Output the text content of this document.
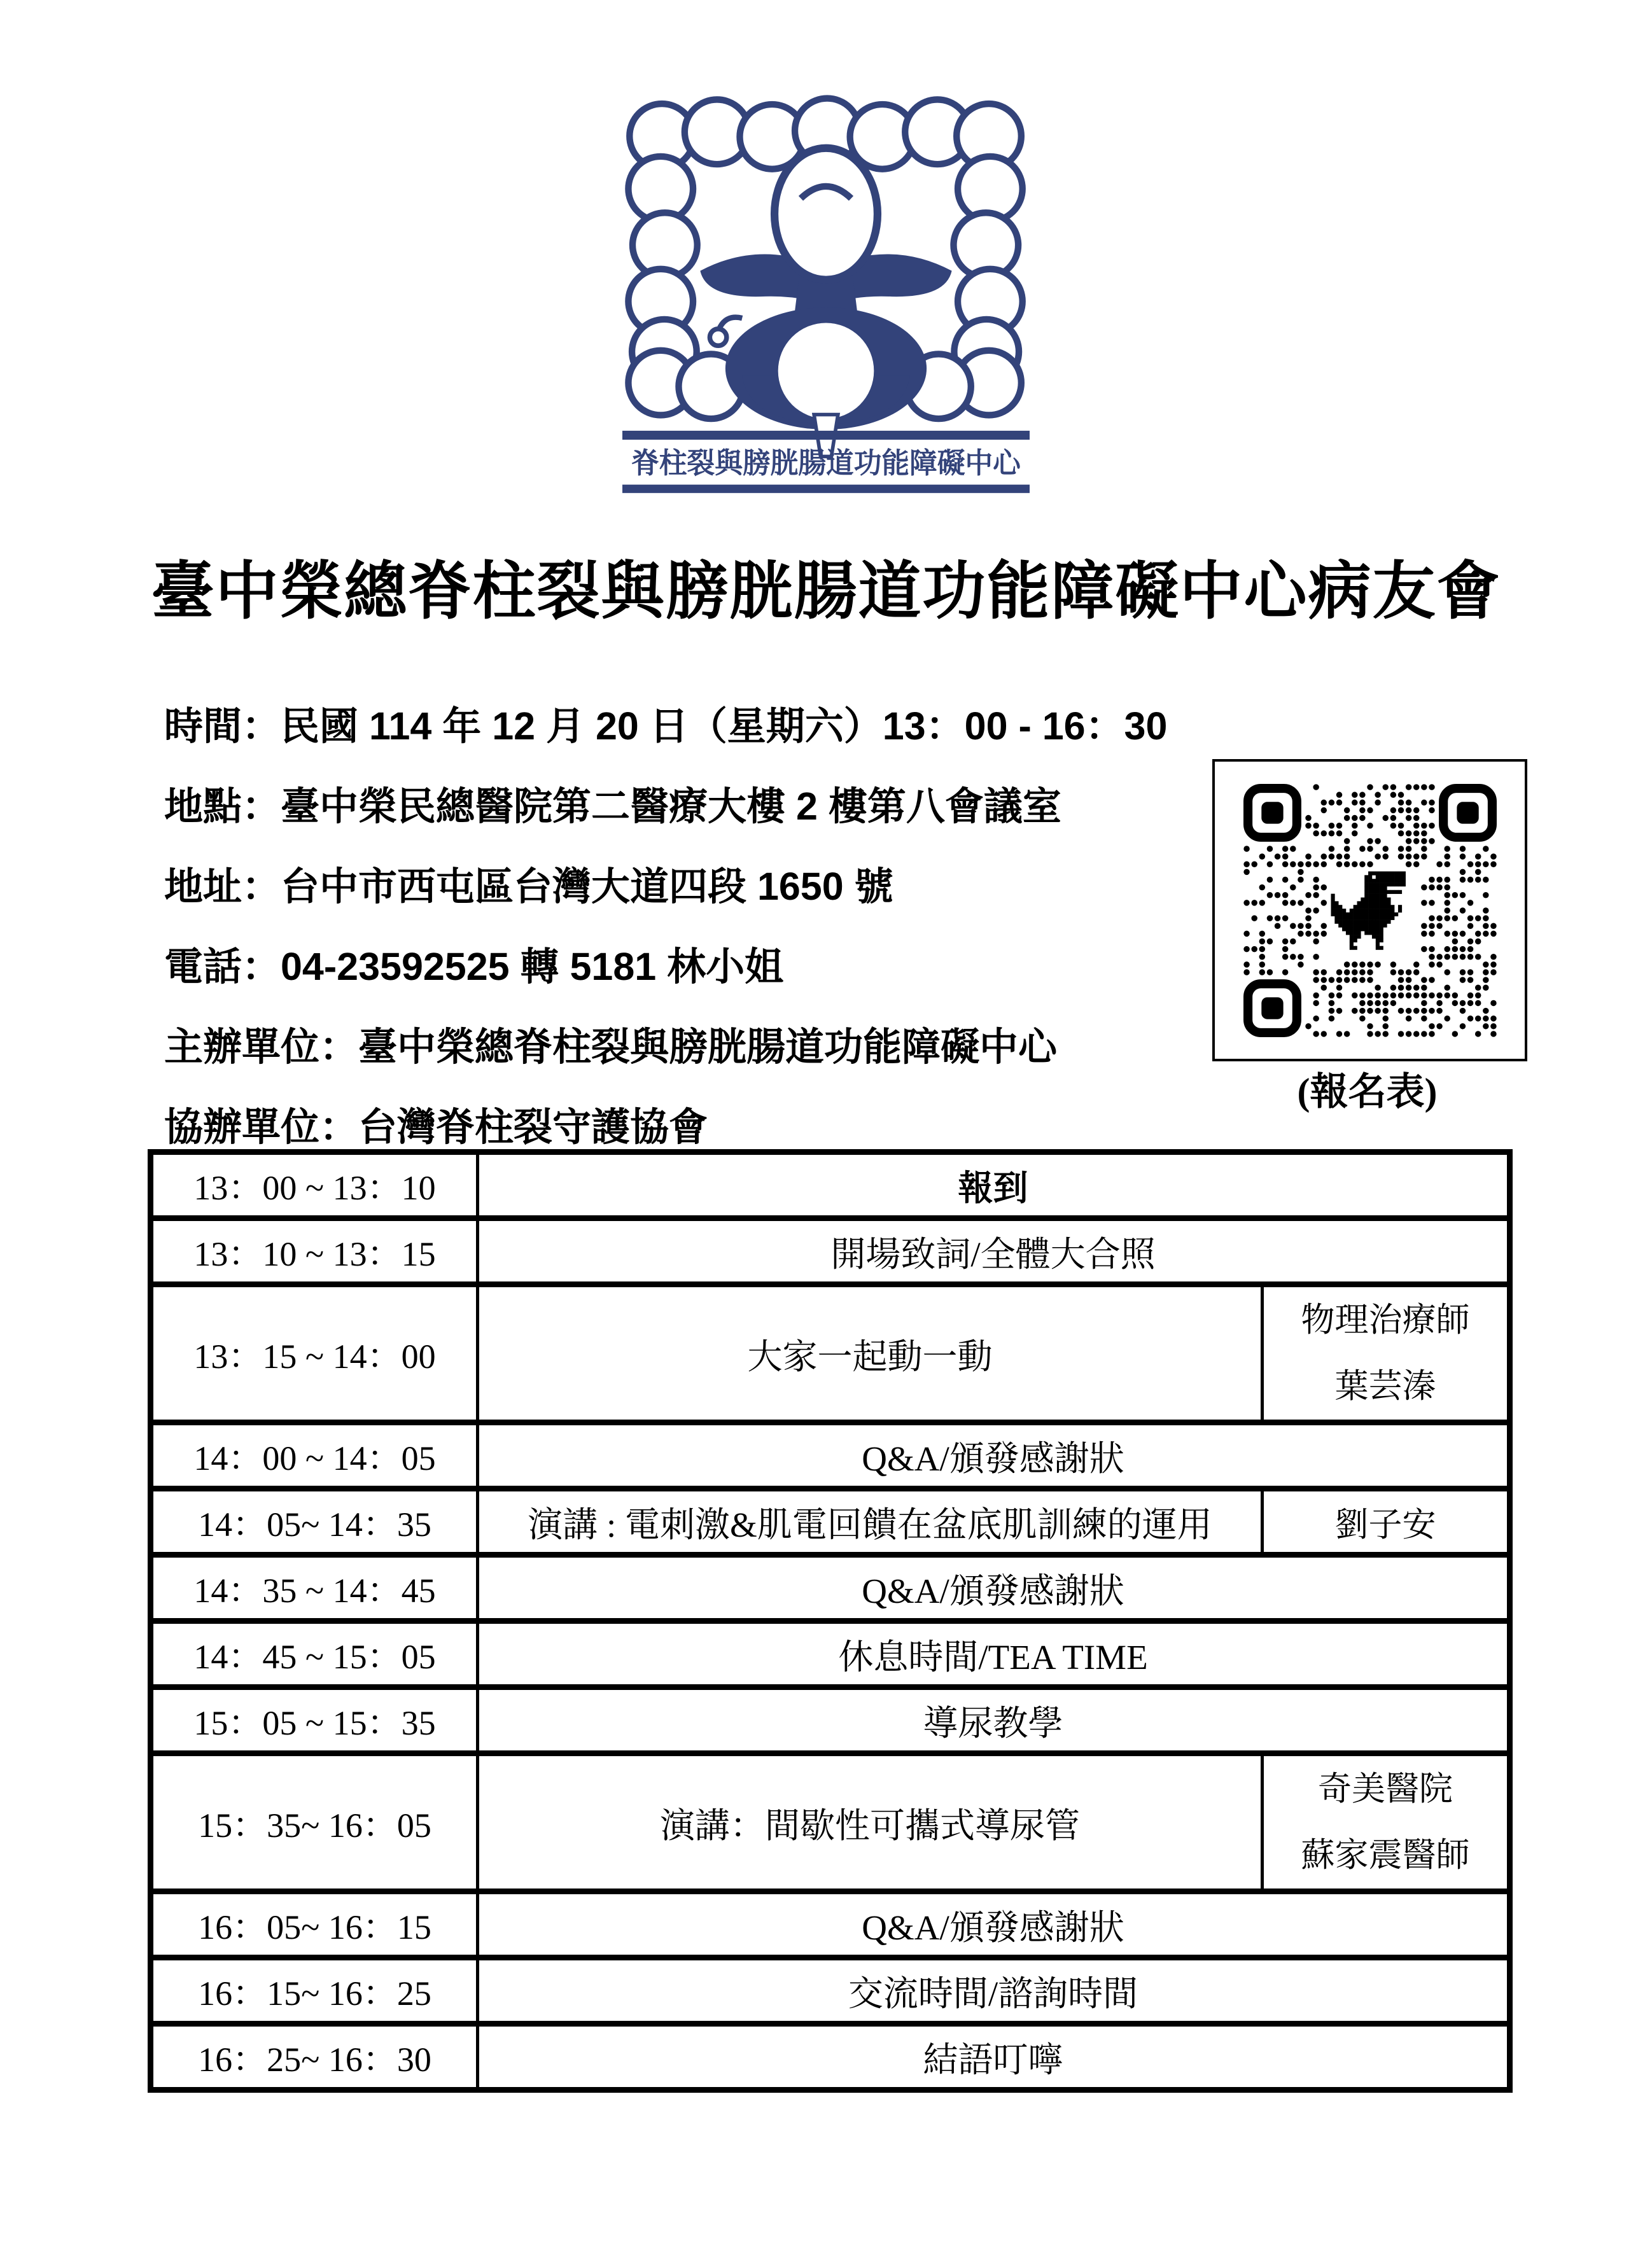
脊柱裂與膀胱腸道功能障礙中心
臺中榮總脊柱裂與膀胱腸道功能障礙中心病友會
時間：民國 114 年 12 月 20 日（星期六）13：00 - 16：30
地點：臺中榮民總醫院第二醫療大樓 2 樓第八會議室
地址：台中市西屯區台灣大道四段 1650 號
電話：04-23592525 轉 5181 林小姐
主辦單位：臺中榮總脊柱裂與膀胱腸道功能障礙中心
協辦單位：台灣脊柱裂守護協會
(報名表)
13：00 ~ 13：10	報到	
13：10 ~ 13：15	開場致詞/全體大合照	
13：15 ~ 14：00	大家一起動一動	物理治療師
葉芸溱

14：00 ~ 14：05	Q&A/頒發感謝狀	
14：05~ 14：35	演講 : 電刺激&肌電回饋在盆底肌訓練的運用	劉子安
14：35 ~ 14：45	Q&A/頒發感謝狀	
14：45 ~ 15：05	休息時間/TEA TIME	
15：05 ~ 15：35	導尿教學	
15：35~ 16：05	演講：間歇性可攜式導尿管	奇美醫院
蘇家震醫師

16：05~ 16：15	Q&A/頒發感謝狀	
16：15~ 16：25	交流時間/諮詢時間	
16：25~ 16：30	結語叮嚀	
